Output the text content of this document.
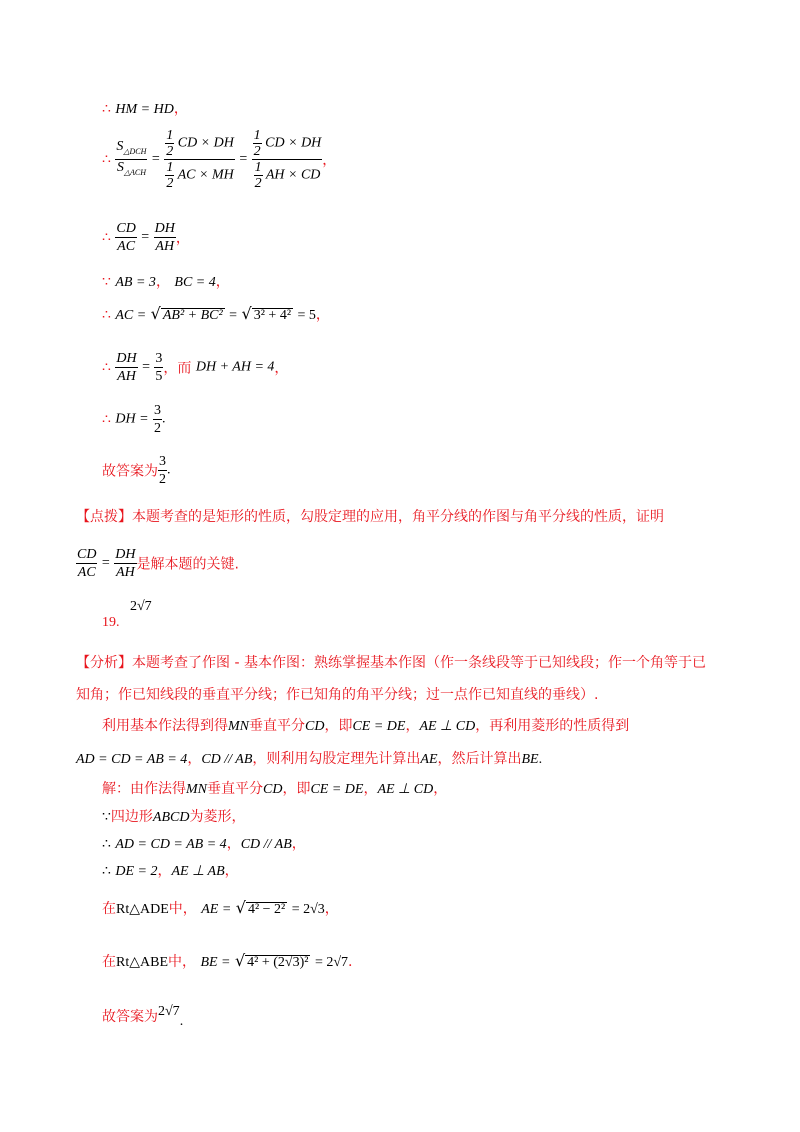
∴ HM = HD，
∴ $\frac{S_{\triangle DCH}}{S_{\triangle ACH}} = \frac{\frac{1}{2} CD \times DH}{\frac{1}{2} AC \times MH} = \frac{\frac{1}{2} CD \times DH}{\frac{1}{2} AH \times CD}$ ，
∴ $\frac{CD}{AC} = \frac{DH}{AH}$ ，
∵ AB = 3， BC = 4，
∴ AC = √ AB² + BC² = √ 3² + 4² = 5，
∴ $\frac{DH}{AH} = \frac{3}{5}$ ，而 DH + AH = 4，
∴ DH = $\frac{3}{2}$ .
故答案为 $\frac{3}{2}$ .
【点拨】本题考查的是矩形的性质，勾股定理的应用，角平分线的作图与角平分线的性质，证明
$\frac{CD}{AC} = \frac{DH}{AH}$ 是解本题的关键.
19. 2√7
【分析】本题考查了作图 - 基本作图：熟练掌握基本作图（作一条线段等于已知线段；作一个角等于已
知角；作已知线段的垂直平分线；作已知角的角平分线；过一点作已知直线的垂线）.
利用基本作法得到得MN垂直平分CD，即CE = DE，AE ⊥ CD，再利用菱形的性质得到
AD = CD = AB = 4，CD // AB，则利用勾股定理先计算出AE，然后计算出BE.
解：由作法得MN垂直平分CD，即CE = DE，AE ⊥ CD，
∵四边形ABCD为菱形，
∴ AD = CD = AB = 4，CD // AB，
∴ DE = 2，AE ⊥ AB，
在Rt△ADE中， AE = √ 4² − 2² = 2√3，
在Rt△ABE中， BE = √ 4² + (2√3)² = 2√7.
故答案为2√7.
